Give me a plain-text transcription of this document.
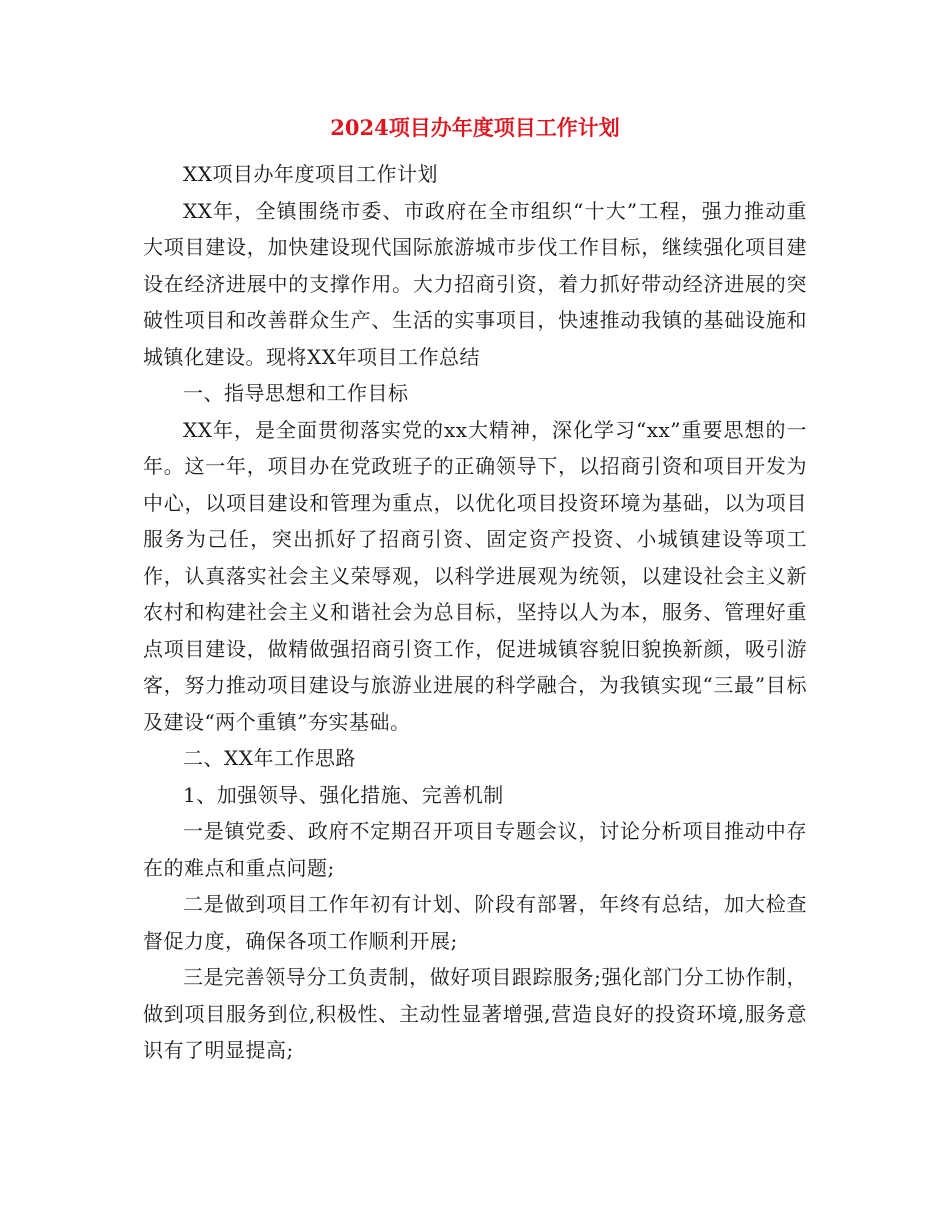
2024项目办年度项目工作计划

XX项目办年度项目工作计划

XX年，全镇围绕市委、市政府在全市组织“十大”工程，强力推动重大项目建设，加快建设现代国际旅游城市步伐工作目标，继续强化项目建设在经济进展中的支撑作用。大力招商引资，着力抓好带动经济进展的突破性项目和改善群众生产、生活的实事项目，快速推动我镇的基础设施和城镇化建设。现将XX年项目工作总结

一、指导思想和工作目标

XX年，是全面贯彻落实党的xx大精神，深化学习“xx”重要思想的一年。这一年，项目办在党政班子的正确领导下，以招商引资和项目开发为中心，以项目建设和管理为重点，以优化项目投资环境为基础，以为项目服务为己任，突出抓好了招商引资、固定资产投资、小城镇建设等项工作，认真落实社会主义荣辱观，以科学进展观为统领，以建设社会主义新农村和构建社会主义和谐社会为总目标，坚持以人为本，服务、管理好重点项目建设，做精做强招商引资工作，促进城镇容貌旧貌换新颜，吸引游客，努力推动项目建设与旅游业进展的科学融合，为我镇实现“三最”目标及建设“两个重镇”夯实基础。

二、XX年工作思路

1、加强领导、强化措施、完善机制

一是镇党委、政府不定期召开项目专题会议，讨论分析项目推动中存在的难点和重点问题;

二是做到项目工作年初有计划、阶段有部署，年终有总结，加大检查督促力度，确保各项工作顺利开展;

三是完善领导分工负责制，做好项目跟踪服务;强化部门分工协作制，做到项目服务到位,积极性、主动性显著增强,营造良好的投资环境,服务意识有了明显提高;
